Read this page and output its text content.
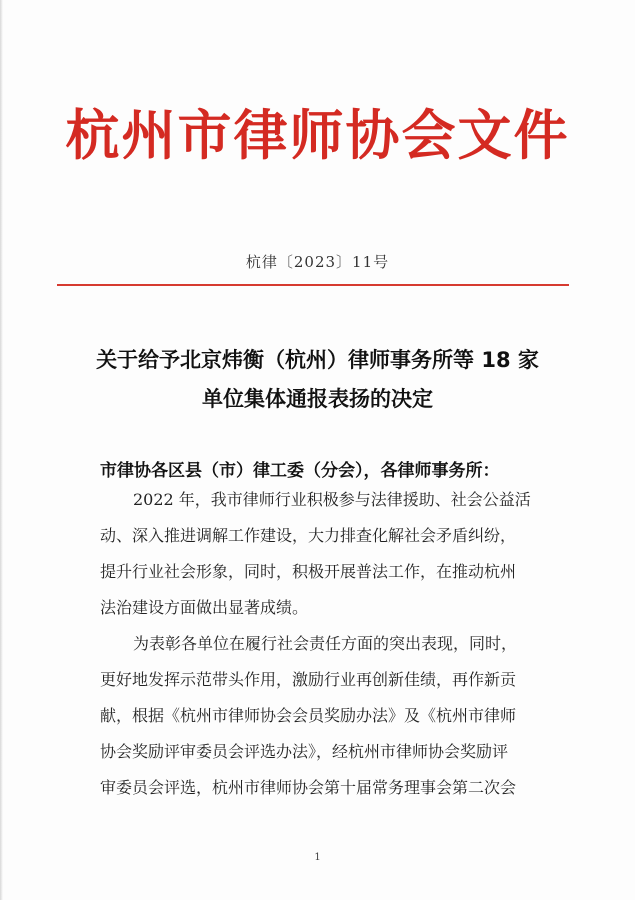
杭州市律师协会文件
杭律〔2023〕11号
关于给予北京炜衡（杭州）律师事务所等 18 家
单位集体通报表扬的决定
市律协各区县（市）律工委（分会），各律师事务所：
2022 年，我市律师行业积极参与法律援助、社会公益活
动、深入推进调解工作建设，大力排查化解社会矛盾纠纷，
提升行业社会形象，同时，积极开展普法工作，在推动杭州
法治建设方面做出显著成绩。
为表彰各单位在履行社会责任方面的突出表现，同时，
更好地发挥示范带头作用，激励行业再创新佳绩，再作新贡
献，根据《杭州市律师协会会员奖励办法》及《杭州市律师
协会奖励评审委员会评选办法》，经杭州市律师协会奖励评
审委员会评选，杭州市律师协会第十届常务理事会第二次会
1
